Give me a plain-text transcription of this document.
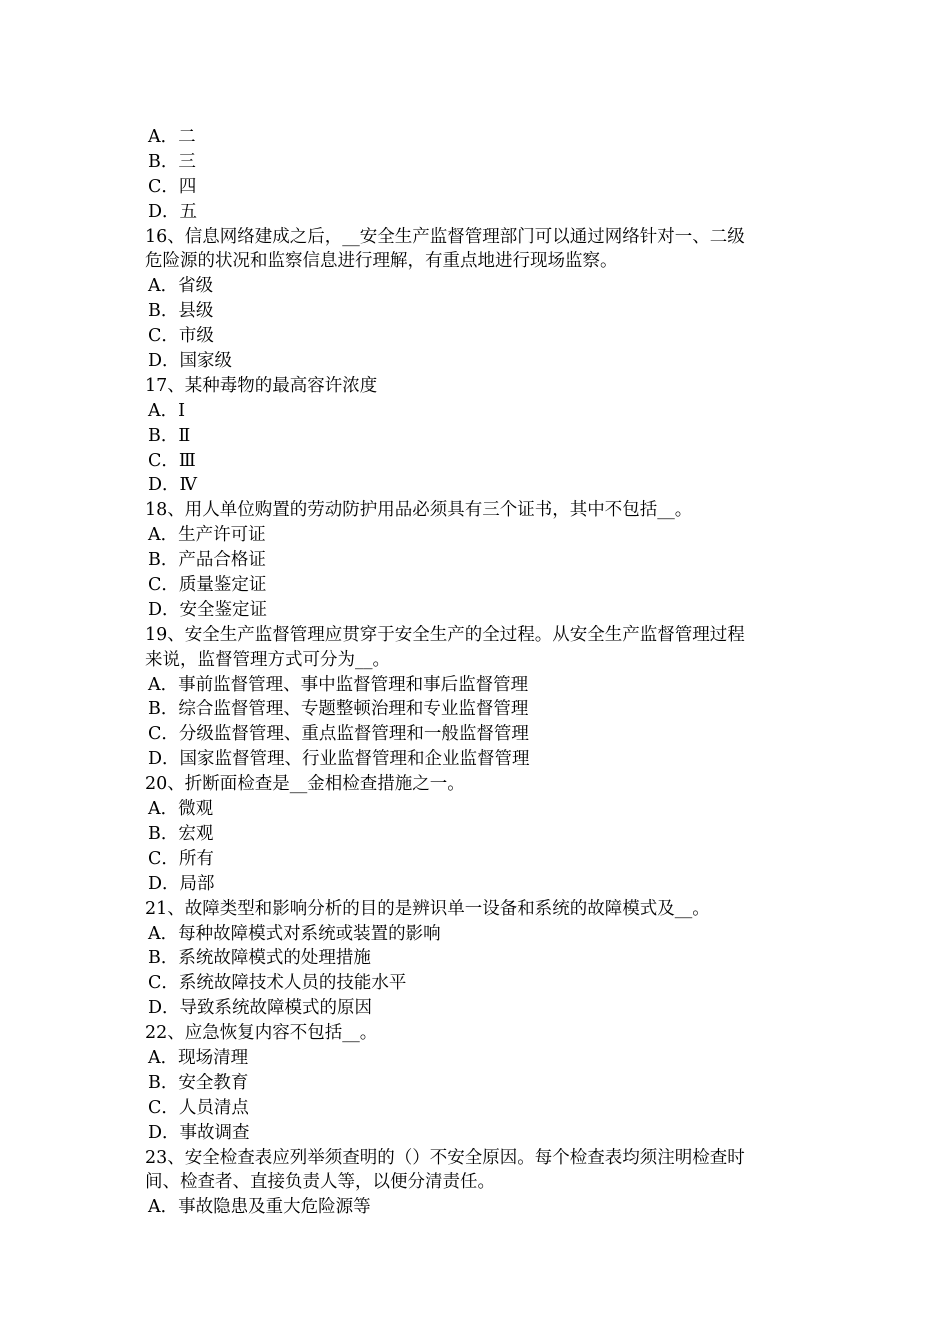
A．二
B．三
C．四
D．五
16、信息网络建成之后，__安全生产监督管理部门可以通过网络针对一、二级
危险源的状况和监察信息进行理解，有重点地进行现场监察。
A．省级
B．县级
C．市级
D．国家级
17、某种毒物的最高容许浓度
A．Ⅰ
B．Ⅱ
C．Ⅲ
D．Ⅳ
18、用人单位购置的劳动防护用品必须具有三个证书，其中不包括__。
A．生产许可证
B．产品合格证
C．质量鉴定证
D．安全鉴定证
19、安全生产监督管理应贯穿于安全生产的全过程。从安全生产监督管理过程
来说，监督管理方式可分为__。
A．事前监督管理、事中监督管理和事后监督管理
B．综合监督管理、专题整顿治理和专业监督管理
C．分级监督管理、重点监督管理和一般监督管理
D．国家监督管理、行业监督管理和企业监督管理
20、折断面检查是__金相检查措施之一。
A．微观
B．宏观
C．所有
D．局部
21、故障类型和影响分析的目的是辨识单一设备和系统的故障模式及__。
A．每种故障模式对系统或装置的影响
B．系统故障模式的处理措施
C．系统故障技术人员的技能水平
D．导致系统故障模式的原因
22、应急恢复内容不包括__。
A．现场清理
B．安全教育
C．人员清点
D．事故调查
23、安全检查表应列举须查明的（）不安全原因。每个检查表均须注明检查时
间、检查者、直接负责人等，以便分清责任。
A．事故隐患及重大危险源等
